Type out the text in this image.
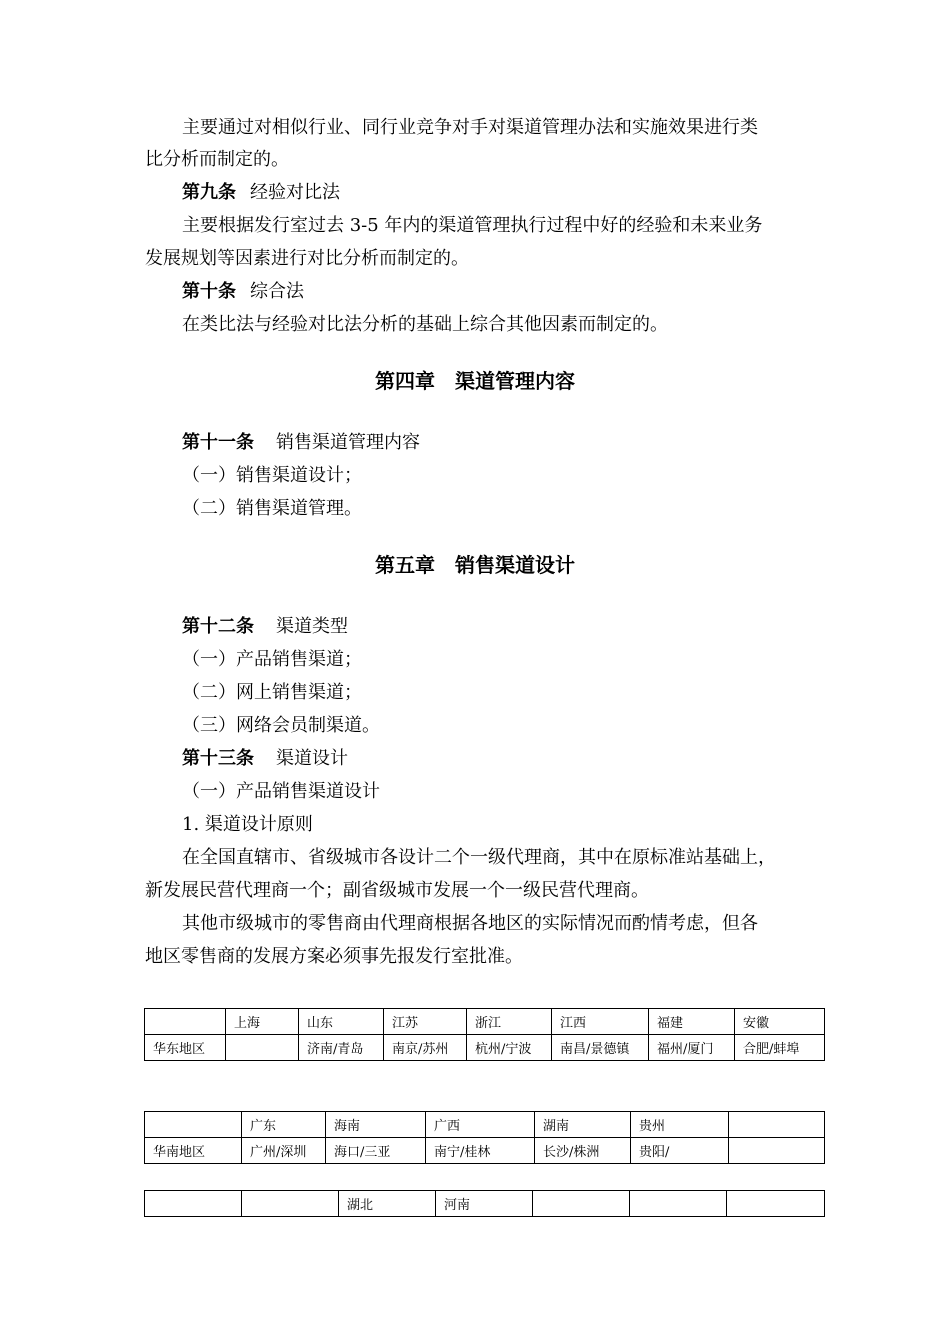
主要通过对相似行业、同行业竞争对手对渠道管理办法和实施效果进行类
比分析而制定的。
第九条 经验对比法
主要根据发行室过去 3-5 年内的渠道管理执行过程中好的经验和未来业务
发展规划等因素进行对比分析而制定的。
第十条 综合法
在类比法与经验对比法分析的基础上综合其他因素而制定的。
第四章　渠道管理内容
第十一条 销售渠道管理内容
（一）销售渠道设计；
（二）销售渠道管理。
第五章　销售渠道设计
第十二条 渠道类型
（一）产品销售渠道；
（二）网上销售渠道；
（三）网络会员制渠道。
第十三条 渠道设计
（一）产品销售渠道设计
1. 渠道设计原则
在全国直辖市、省级城市各设计二个一级代理商，其中在原标准站基础上，
新发展民营代理商一个；副省级城市发展一个一级民营代理商。
其他市级城市的零售商由代理商根据各地区的实际情况而酌情考虑，但各
地区零售商的发展方案必须事先报发行室批准。
	上海	山东	江苏	浙江	江西	福建	安徽
华东地区		济南/青岛	南京/苏州	杭州/宁波	南昌/景德镇	福州/厦门	合肥/蚌埠
	广东	海南	广西	湖南	贵州	
华南地区	广州/深圳	海口/三亚	南宁/桂林	长沙/株洲	贵阳/	
		湖北	河南			
